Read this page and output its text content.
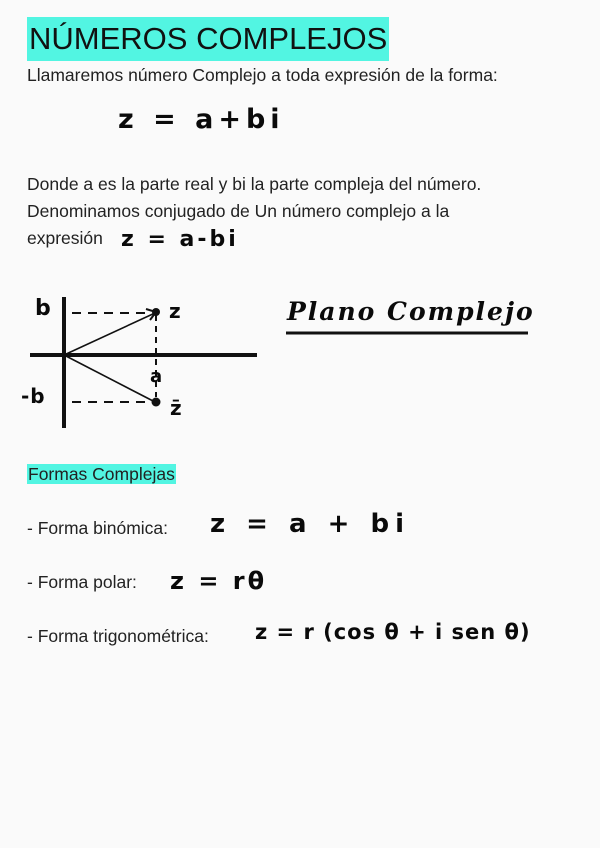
NÚMEROS COMPLEJOS
Llamaremos número Complejo a toda expresión de la forma:
z = a+bi
Donde a es la parte real y bi la parte compleja del número.
Denominamos conjugado de Un número complejo a la
expresión z = a-bi
b
-b
a
z
z̄
Plano Complejo
Formas Complejas
- Forma binómica: z = a + bi
- Forma polar: z = rθ
- Forma trigonométrica: z = r (cos θ + i sen θ)
